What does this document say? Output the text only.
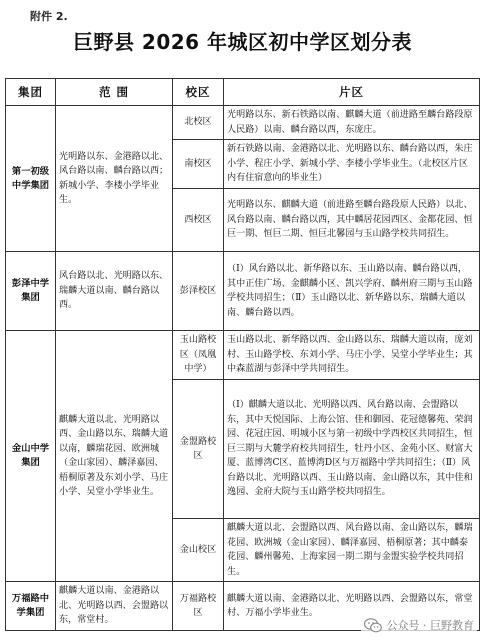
附件 2.
巨野县 2026 年城区初中学区划分表
集团	范 围	校区	片区
第一初级中学集团	光明路以东、金港路以北、风台路以南、麟台路以西；新城小学、李楼小学毕业生。	北校区	光明路以东、新石铁路以南、麒麟大道（前进路至麟台路段原人民路）以南、麟台路以西，东庞庄。
		南校区	新石铁路以南、金港路以北、光明路以东、麟台路以西，朱庄小学、程庄小学、新城小学、李楼小学毕业生。（北校区片区内有住宿意向的毕业生）
		西校区	光明路以东、麒麟大道（前进路至麟台路段原人民路）以北、风台路以南、麟台路以西，其中麟居花园西区、金都花园、恒巨一期、恒巨二期、恒巨北馨园与玉山路学校共同招生。
彭泽中学集团	风台路以北、光明路以东、瑞麟大道以南、麟台路以西。	彭泽校区	（Ⅰ）风台路以北、新华路以东、玉山路以南、麟台路以西，其中正佳广场、金麒麟小区、凯兴学府、麟州府三期与玉山路学校共同招生；（Ⅱ）玉山路以北、新华路以东、瑞麟大道以南、麟台路以西。
金山中学集团	麒麟大道以北、光明路以西、金山路以东、瑞麟大道以南，麟瑞花园、欧洲城（金山家园）、麟泽嘉园、梧桐原著及东刘小学、马庄小学、吴堂小学毕业生。	玉山路校区（凤凰中学）	玉山路以北、新华路以西、金山路以东、瑞麟大道以南，庞刘村、玉山路学校、东刘小学、马庄小学、吴堂小学毕业生；其中森蓝湖与彭泽中学共同招生。
		金盟路校区	（Ⅰ）麒麟大道以北、光明路以西、风台路以南、会盟路以东，其中天悦国际、上海公馆、佳和御园、花冠德馨苑、荣润园、花冠庄园、明城小区与第一初级中学西校区共同招生，恒巨三期与大麓学府校共同招生，牡丹小区、金苑小区、财富大厦、蓝博湾C区、蓝博湾D区与万福路中学共同招生；（Ⅱ）风台路以北、光明路以西、玉山路以南、金山路以东，其中佳和逸园、金府大院与玉山路学校共同招生。
		金山校区	麒麟大道以北、会盟路以西、风台路以南、金山路以东，麟瑞花园、欧洲城（金山家园）、麟泽嘉园、梧桐原著；其中麟泰花园、麟州馨苑、上海家园一期二期与金盟实验学校共同招生。
万福路中学集团	麒麟大道以南、金港路以北、光明路以西、会盟路以东，常堂村。	万福路校区	麒麟大道以南、金港路以北、光明路以西、会盟路以东，常堂村、万福小学毕业生。
公众号 · 巨野教育
